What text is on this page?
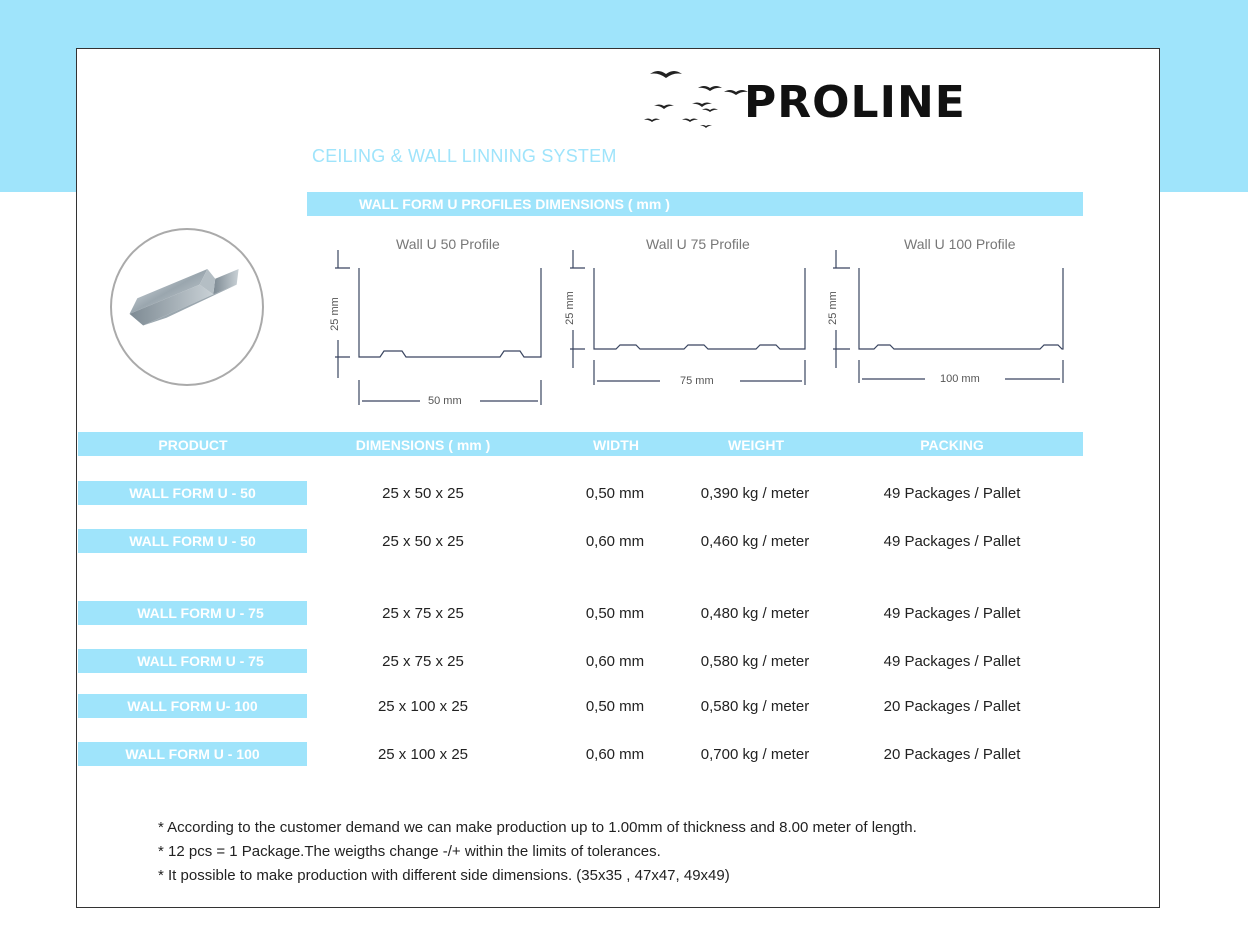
PROLINE
CEILING & WALL LINNING SYSTEM
WALL FORM U PROFILES DIMENSIONS ( mm )
Wall U 50 Profile	Wall U 75 Profile	Wall U 100 Profile
25 mm	25 mm	25 mm
50 mm
75 mm	100 mm
PRODUCT	DIMENSIONS ( mm )	WIDTH	WEIGHT	PACKING
WALL FORM U - 50	25 x 50 x 25	0,50 mm	0,390 kg / meter	49 Packages / Pallet
WALL FORM U - 50	25 x 50 x 25	0,60 mm	0,460 kg / meter	49 Packages / Pallet
WALL FORM U - 75	25 x 75 x 25	0,50 mm	0,480 kg / meter	49 Packages / Pallet
WALL FORM U - 75	25 x 75 x 25	0,60 mm	0,580 kg / meter	49 Packages / Pallet
WALL FORM U- 100	25 x 100 x 25	0,50 mm	0,580 kg / meter	20 Packages / Pallet
WALL FORM U - 100	25 x 100 x 25	0,60 mm	0,700 kg / meter	20 Packages / Pallet
* According to the customer demand we can make production up to 1.00mm of thickness and 8.00 meter of length.
* 12 pcs = 1 Package.The weigths change -/+ within the limits of tolerances.
* It possible to make production with different side dimensions. (35x35 , 47x47, 49x49)
